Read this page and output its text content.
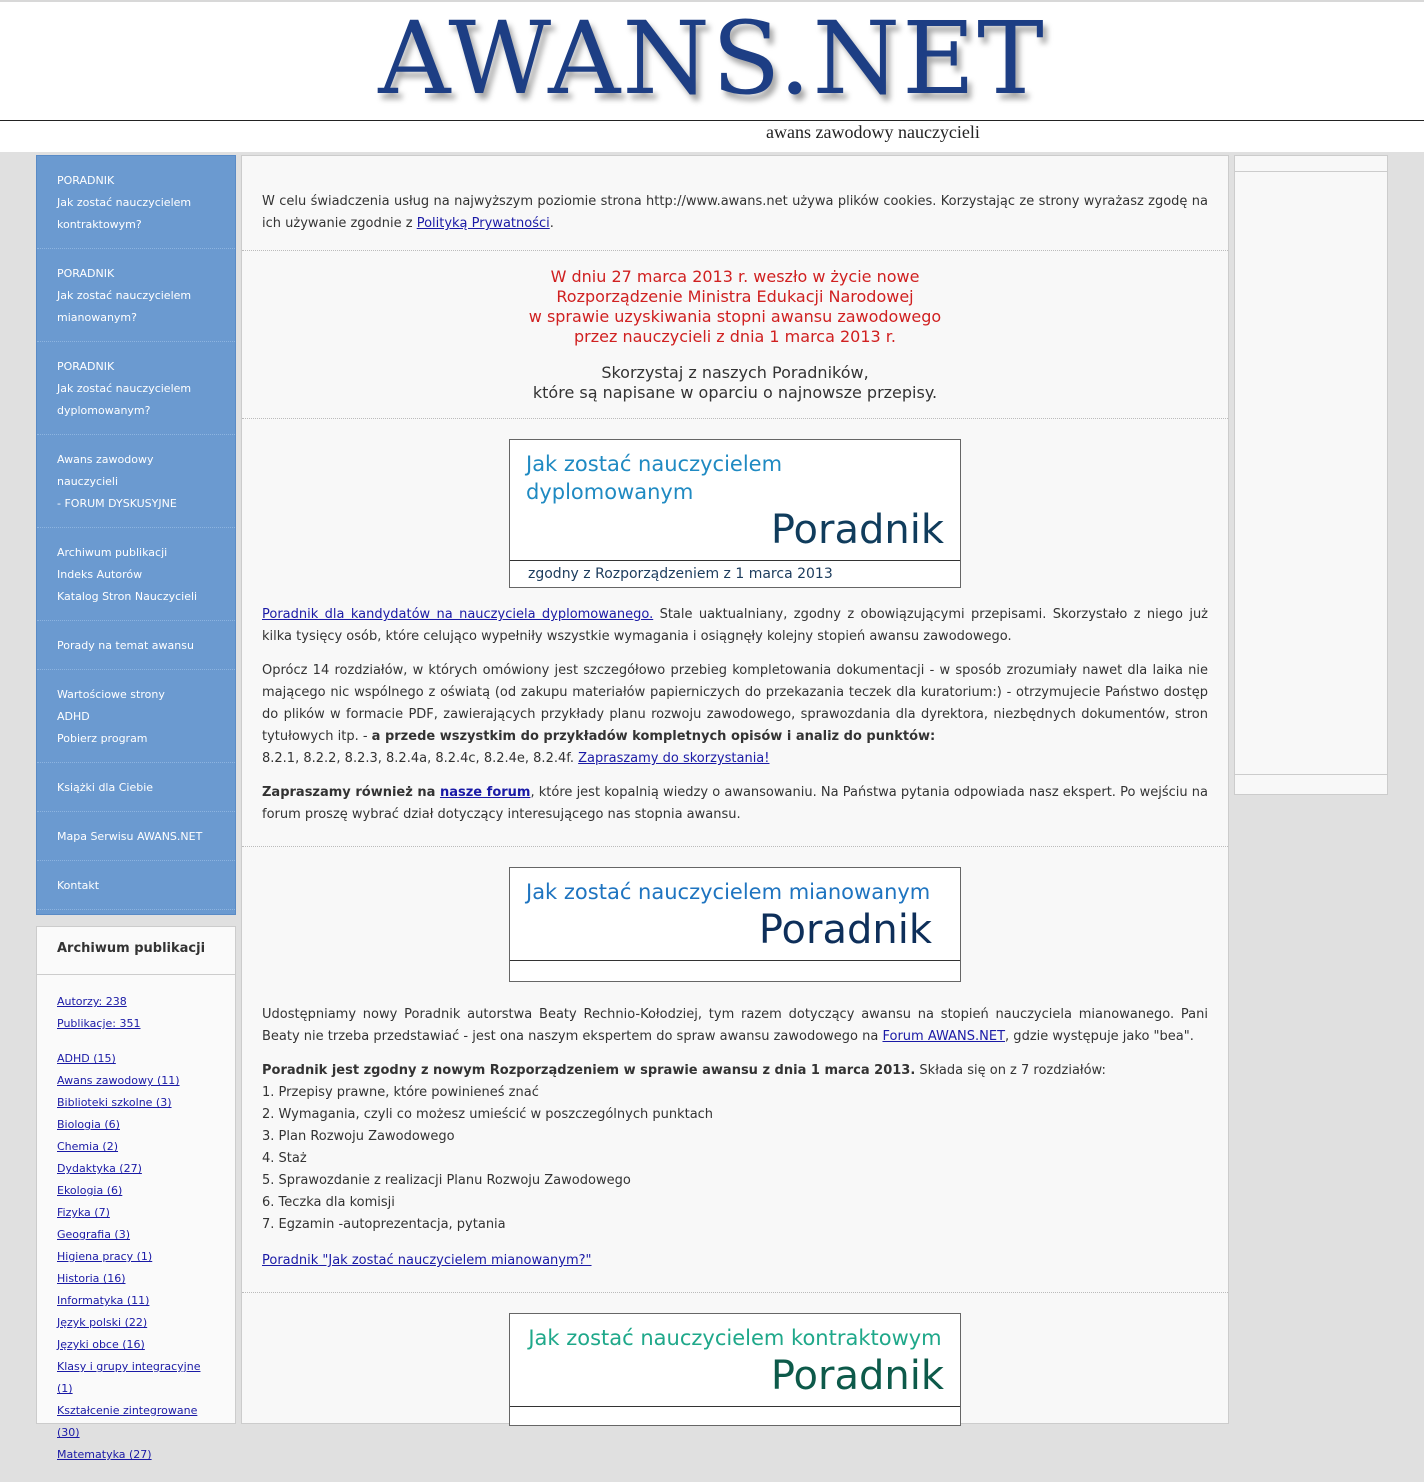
AWANS.NET
awans zawodowy nauczycieli
PORADNIK
Jak zostać nauczycielem
kontraktowym?
PORADNIK
Jak zostać nauczycielem
mianowanym?
PORADNIK
Jak zostać nauczycielem
dyplomowanym?
Awans zawodowy nauczycieli
- FORUM DYSKUSYJNE
Archiwum publikacji
Indeks Autorów
Katalog Stron Nauczycieli
Porady na temat awansu
Wartościowe strony
ADHD
Pobierz program
Książki dla Ciebie
Mapa Serwisu AWANS.NET
Kontakt
Archiwum publikacji
Autorzy: 238
Publikacje: 351
ADHD (15)
Awans zawodowy (11)
Biblioteki szkolne (3)
Biologia (6)
Chemia (2)
Dydaktyka (27)
Ekologia (6)
Fizyka (7)
Geografia (3)
Higiena pracy (1)
Historia (16)
Informatyka (11)
Język polski (22)
Języki obce (16)
Klasy i grupy integracyjne (1)
Kształcenie zintegrowane (30)
Matematyka (27)
W celu świadczenia usług na najwyższym poziomie strona http://www.awans.net używa plików cookies. Korzystając ze strony wyrażasz zgodę na ich używanie zgodnie z Polityką Prywatności.
W dniu 27 marca 2013 r. weszło w życie nowe
Rozporządzenie Ministra Edukacji Narodowej
w sprawie uzyskiwania stopni awansu zawodowego
przez nauczycieli z dnia 1 marca 2013 r.
Skorzystaj z naszych Poradników,
które są napisane w oparciu o najnowsze przepisy.
Jak zostać nauczycielem dyplomowanym
Poradnik
zgodny z Rozporządzeniem z 1 marca 2013

Poradnik dla kandydatów na nauczyciela dyplomowanego. Stale uaktualniany, zgodny z obowiązującymi przepisami. Skorzystało z niego już kilka tysięcy osób, które celująco wypełniły wszystkie wymagania i osiągnęły kolejny stopień awansu zawodowego.

Oprócz 14 rozdziałów, w których omówiony jest szczegółowo przebieg kompletowania dokumentacji - w sposób zrozumiały nawet dla laika nie mającego nic wspólnego z oświatą (od zakupu materiałów papierniczych do przekazania teczek dla kuratorium:) - otrzymujecie Państwo dostęp do plików w formacie PDF, zawierających przykłady planu rozwoju zawodowego, sprawozdania dla dyrektora, niezbędnych dokumentów, stron tytułowych itp. - a przede wszystkim do przykładów kompletnych opisów i analiz do punktów:
8.2.1, 8.2.2, 8.2.3, 8.2.4a, 8.2.4c, 8.2.4e, 8.2.4f. Zapraszamy do skorzystania!

Zapraszamy również na nasze forum, które jest kopalnią wiedzy o awansowaniu. Na Państwa pytania odpowiada nasz ekspert. Po wejściu na forum proszę wybrać dział dotyczący interesującego nas stopnia awansu.

Jak zostać nauczycielem mianowanym
Poradnik

Udostępniamy nowy Poradnik autorstwa Beaty Rechnio-Kołodziej, tym razem dotyczący awansu na stopień nauczyciela mianowanego. Pani Beaty nie trzeba przedstawiać - jest ona naszym ekspertem do spraw awansu zawodowego na Forum AWANS.NET, gdzie występuje jako "bea".

Poradnik jest zgodny z nowym Rozporządzeniem w sprawie awansu z dnia 1 marca 2013. Składa się on z 7 rozdziałów:
1. Przepisy prawne, które powinieneś znać
2. Wymagania, czyli co możesz umieścić w poszczególnych punktach
3. Plan Rozwoju Zawodowego
4. Staż
5. Sprawozdanie z realizacji Planu Rozwoju Zawodowego
6. Teczka dla komisji
7. Egzamin -autoprezentacja, pytania

Poradnik "Jak zostać nauczycielem mianowanym?"

Jak zostać nauczycielem kontraktowym
Poradnik
